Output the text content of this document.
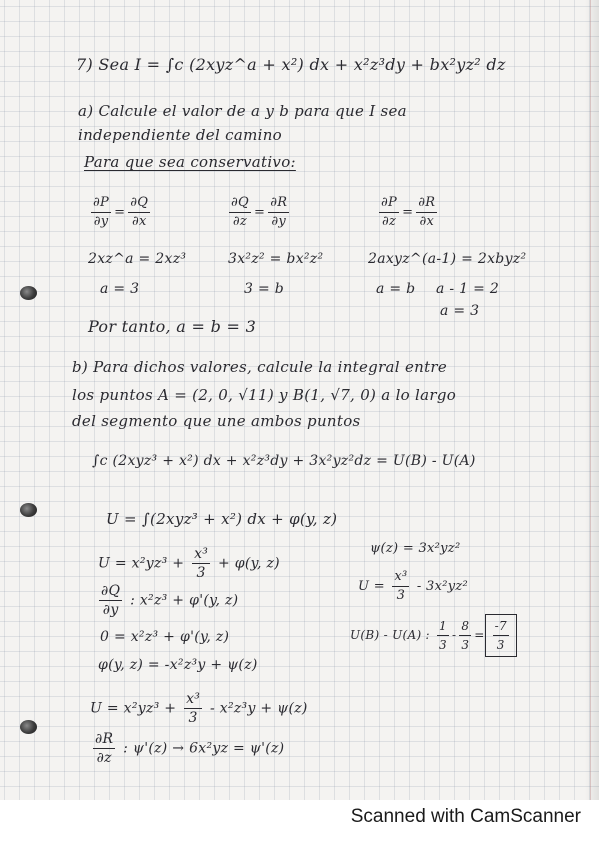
7) Sea I = ∫c (2xyz^a + x²) dx + x²z³dy + bx²yz² dz
a) Calcule el valor de a y b para que I sea
independiente del camino
Para que sea conservativo:
$\frac{\partial P}{\partial y} = \frac{\partial Q}{\partial x}$	$\frac{\partial Q}{\partial z} = \frac{\partial R}{\partial y}$	$\frac{\partial P}{\partial z} = \frac{\partial R}{\partial x}$
2xz^a = 2xz³	3x²z² = bx²z²	2axyz^(a-1) = 2xbyz²
a = 3	3 = b	a = b a - 1 = 2
a = 3
Por tanto, a = b = 3
b) Para dichos valores, calcule la integral entre
los puntos A = (2, 0, √11) y B(1, √7, 0) a lo largo
del segmento que une ambos puntos
∫c (2xyz³ + x²) dx + x²z³dy + 3x²yz²dz = U(B) - U(A)
U = ∫(2xyz³ + x²) dx + φ(y, z)
$U = x^2yz^3 + \frac{\text{x³}}{3} + \varphi(y$, z)
$\frac{\partial Q}{\partial y}$ : x²z³ + φ'(y, z)
0 = x²z³ + φ'(y, z)
φ(y, z) = -x²z³y + ψ(z)
$U = x^2yz^3 + \frac{\text{x³}}{3} - x^2z^3y + \psi(z)$
$\frac{\partial R}{\partial z}$ : ψ'(z) → 6x²yz = ψ'(z)
ψ(z) = 3x²yz²
$U = \frac{\text{x³}}{3} - 3x^2yz^2$
U(B) - U(A) : $\frac{1}{3} - \frac{8}{3} = \frac{-7}{3}$
Scanned with CamScanner
